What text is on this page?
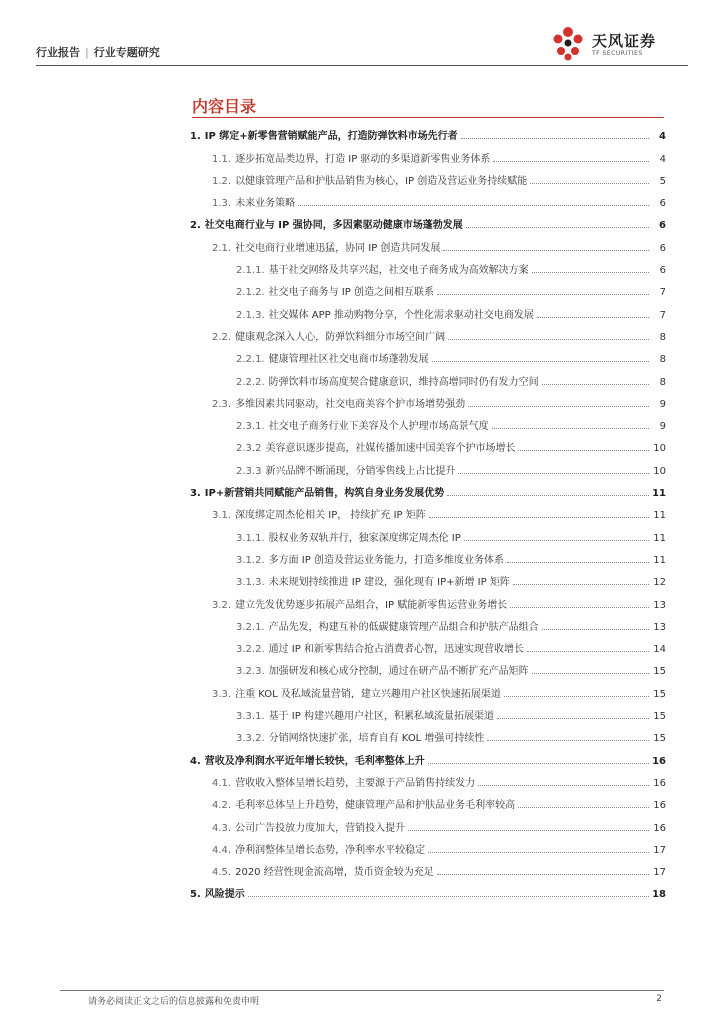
行业报告 | 行业专题研究
天风证券
TF SECURITIES
内容目录
1. IP 绑定+新零售营销赋能产品，打造防弹饮料市场先行者	4
1.1. 逐步拓宽品类边界，打造 IP 驱动的多渠道新零售业务体系	4
1.2. 以健康管理产品和护肤品销售为核心，IP 创造及营运业务持续赋能	5
1.3. 未来业务策略	6
2. 社交电商行业与 IP 强协同，多因素驱动健康市场蓬勃发展	6
2.1. 社交电商行业增速迅猛，协同 IP 创造共同发展	6
2.1.1. 基于社交网络及共享兴起，社交电子商务成为高效解决方案	6
2.1.2. 社交电子商务与 IP 创造之间相互联系	7
2.1.3. 社交媒体 APP 推动购物分享，个性化需求驱动社交电商发展	7
2.2. 健康观念深入人心，防弹饮料细分市场空间广阔	8
2.2.1. 健康管理社区社交电商市场蓬勃发展	8
2.2.2. 防弹饮料市场高度契合健康意识，维持高增同时仍有发力空间	8
2.3. 多维因素共同驱动，社交电商美容个护市场增势强劲	9
2.3.1. 社交电子商务行业下美容及个人护理市场高景气度	9
2.3.2 美容意识逐步提高，社媒传播加速中国美容个护市场增长	10
2.3.3 新兴品牌不断涌现，分销零售线上占比提升	10
3. IP+新营销共同赋能产品销售，构筑自身业务发展优势	11
3.1. 深度绑定周杰伦相关 IP， 持续扩充 IP 矩阵	11
3.1.1. 股权业务双轨并行，独家深度绑定周杰伦 IP	11
3.1.2. 多方面 IP 创造及营运业务能力，打造多维度业务体系	11
3.1.3. 未来规划持续推进 IP 建设，强化现有 IP+新增 IP 矩阵	12
3.2. 建立先发优势逐步拓展产品组合，IP 赋能新零售运营业务增长	13
3.2.1. 产品先发，构建互补的低碳健康管理产品组合和护肤产品组合	13
3.2.2. 通过 IP 和新零售结合抢占消费者心智，迅速实现营收增长	14
3.2.3. 加强研发和核心成分控制，通过在研产品不断扩充产品矩阵	15
3.3. 注重 KOL 及私域流量营销，建立兴趣用户社区快速拓展渠道	15
3.3.1. 基于 IP 构建兴趣用户社区，积累私域流量拓展渠道	15
3.3.2. 分销网络快速扩张，培育自有 KOL 增强可持续性	15
4. 营收及净利润水平近年增长较快，毛利率整体上升	16
4.1. 营收收入整体呈增长趋势，主要源于产品销售持续发力	16
4.2. 毛利率总体呈上升趋势，健康管理产品和护肤品业务毛利率较高	16
4.3. 公司广告投放力度加大，营销投入提升	16
4.4. 净利润整体呈增长态势，净利率水平较稳定	17
4.5. 2020 经营性现金流高增，货币资金较为充足	17
5. 风险提示	18
请务必阅读正文之后的信息披露和免责申明	2
